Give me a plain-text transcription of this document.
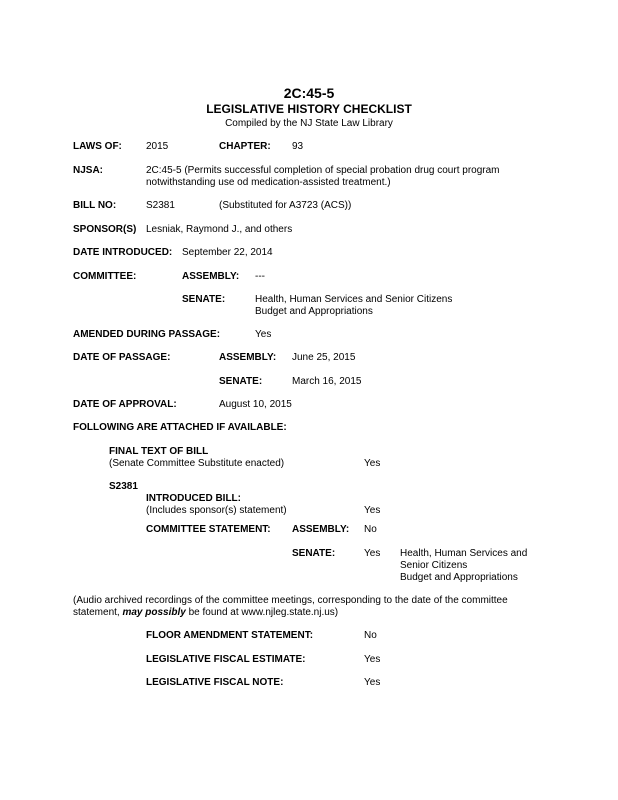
2C:45-5
LEGISLATIVE HISTORY CHECKLIST
Compiled by the NJ State Law Library
LAWS OF: 2015	CHAPTER: 93
NJSA:	2C:45-5 (Permits successful completion of special probation drug court program
notwithstanding use od medication-assisted treatment.)
BILL NO:	S2381	(Substituted for A3723 (ACS))
SPONSOR(S) Lesniak, Raymond J., and others
DATE INTRODUCED: September 22, 2014
COMMITTEE:	ASSEMBLY: ---
SENATE:	Health, Human Services and Senior Citizens
Budget and Appropriations
AMENDED DURING PASSAGE:	Yes
DATE OF PASSAGE:	ASSEMBLY: June 25, 2015
SENATE:	March 16, 2015
DATE OF APPROVAL:	August 10, 2015
FOLLOWING ARE ATTACHED IF AVAILABLE:
FINAL TEXT OF BILL
(Senate Committee Substitute enacted)	Yes
S2381
INTRODUCED BILL:
(Includes sponsor(s) statement)	Yes
COMMITTEE STATEMENT: ASSEMBLY: No
SENATE:	Yes Health, Human Services and
Senior Citizens
Budget and Appropriations
(Audio archived recordings of the committee meetings, corresponding to the date of the committee
statement, may possibly be found at www.njleg.state.nj.us)
FLOOR AMENDMENT STATEMENT:	No
LEGISLATIVE FISCAL ESTIMATE:	Yes
LEGISLATIVE FISCAL NOTE:	Yes
